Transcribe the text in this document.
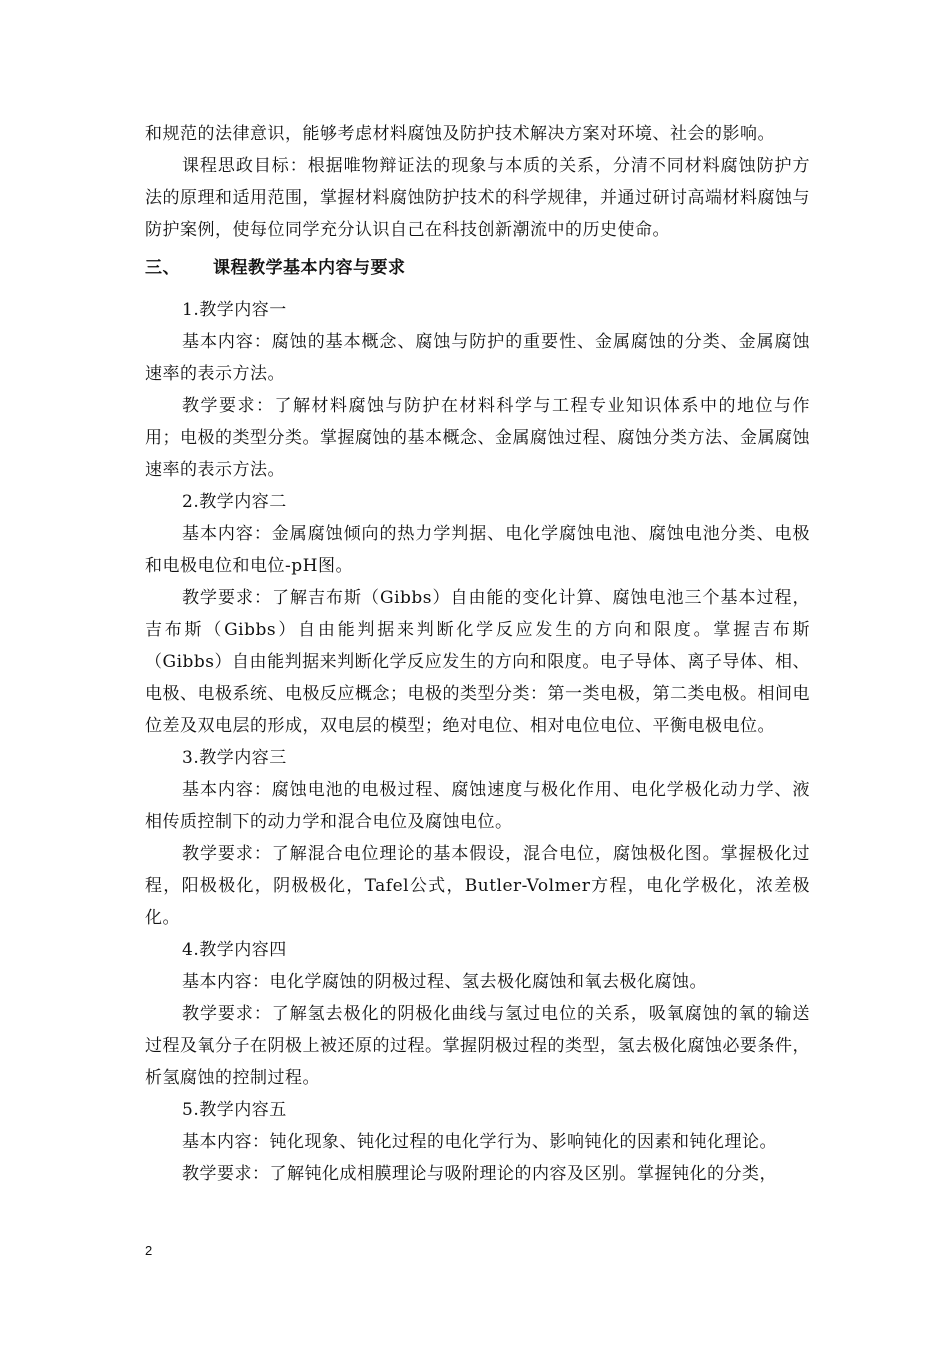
和规范的法律意识，能够考虑材料腐蚀及防护技术解决方案对环境、社会的影响。

课程思政目标：根据唯物辩证法的现象与本质的关系，分清不同材料腐蚀防护方法的原理和适用范围，掌握材料腐蚀防护技术的科学规律，并通过研讨高端材料腐蚀与防护案例，使每位同学充分认识自己在科技创新潮流中的历史使命。

三、	课程教学基本内容与要求

1.教学内容一

基本内容：腐蚀的基本概念、腐蚀与防护的重要性、金属腐蚀的分类、金属腐蚀速率的表示方法。

教学要求：了解材料腐蚀与防护在材料科学与工程专业知识体系中的地位与作用；电极的类型分类。掌握腐蚀的基本概念、金属腐蚀过程、腐蚀分类方法、金属腐蚀速率的表示方法。

2.教学内容二

基本内容：金属腐蚀倾向的热力学判据、电化学腐蚀电池、腐蚀电池分类、电极和电极电位和电位-pH图。

教学要求：了解吉布斯（Gibbs）自由能的变化计算、腐蚀电池三个基本过程，吉布斯（Gibbs）自由能判据来判断化学反应发生的方向和限度。掌握吉布斯（Gibbs）自由能判据来判断化学反应发生的方向和限度。电子导体、离子导体、相、电极、电极系统、电极反应概念；电极的类型分类：第一类电极，第二类电极。相间电位差及双电层的形成，双电层的模型；绝对电位、相对电位电位、平衡电极电位。

3.教学内容三

基本内容：腐蚀电池的电极过程、腐蚀速度与极化作用、电化学极化动力学、液相传质控制下的动力学和混合电位及腐蚀电位。

教学要求：了解混合电位理论的基本假设，混合电位，腐蚀极化图。掌握极化过程，阳极极化，阴极极化，Tafel公式，Butler-Volmer方程，电化学极化，浓差极化。

4.教学内容四

基本内容：电化学腐蚀的阴极过程、氢去极化腐蚀和氧去极化腐蚀。

教学要求：了解氢去极化的阴极化曲线与氢过电位的关系，吸氧腐蚀的氧的输送过程及氧分子在阴极上被还原的过程。掌握阴极过程的类型，氢去极化腐蚀必要条件，析氢腐蚀的控制过程。

5.教学内容五

基本内容：钝化现象、钝化过程的电化学行为、影响钝化的因素和钝化理论。

教学要求：了解钝化成相膜理论与吸附理论的内容及区别。掌握钝化的分类，

2
